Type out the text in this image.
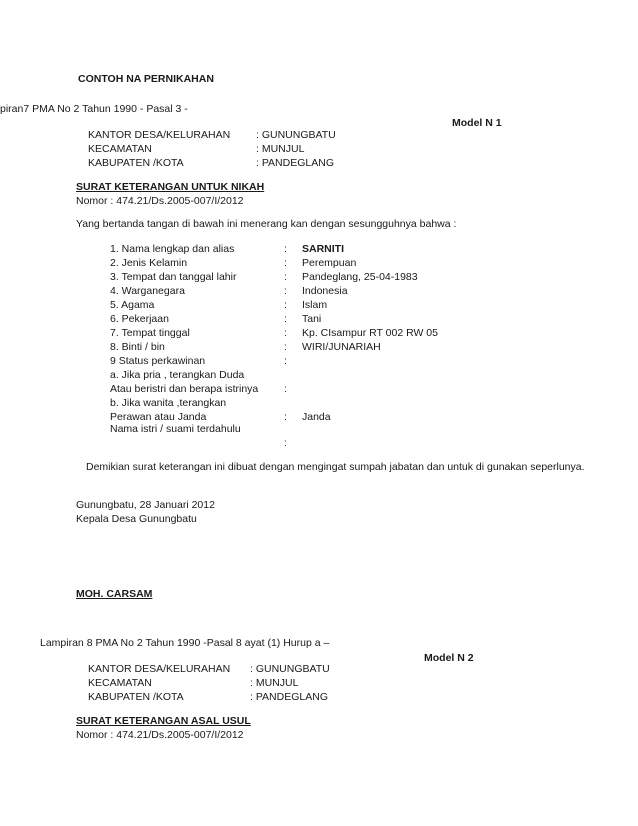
CONTOH NA PERNIKAHAN
piran7 PMA No 2 Tahun 1990 - Pasal 3 -
Model N 1
KANTOR DESA/KELURAHAN : GUNUNGBATU
KECAMATAN	: MUNJUL
KABUPATEN /KOTA	: PANDEGLANG
SURAT KETERANGAN UNTUK NIKAH
Nomor : 474.21/Ds.2005-007/I/2012
Yang bertanda tangan di bawah ini menerang kan dengan sesungguhnya bahwa :
1. Nama lengkap dan alias	: SARNITI
2. Jenis Kelamin	: Perempuan
3. Tempat dan tanggal lahir	: Pandeglang, 25-04-1983
4. Warganegara	: Indonesia
5. Agama	: Islam
6. Pekerjaan	: Tani
7. Tempat tinggal	: Kp. CIsampur RT 002 RW 05
8. Binti / bin	: WIRI/JUNARIAH
9 Status perkawinan	:
a. Jika pria , terangkan Duda
Atau beristri dan berapa istrinya :
b. Jika wanita ,terangkan
Perawan atau Janda	: Janda
Nama istri / suami terdahulu
:
Demikian surat keterangan ini dibuat dengan mengingat sumpah jabatan dan untuk di gunakan seperlunya.
Gunungbatu, 28 Januari 2012
Kepala Desa Gunungbatu
MOH. CARSAM
Lampiran 8 PMA No 2 Tahun 1990 -Pasal 8 ayat (1) Hurup a –
Model N 2
KANTOR DESA/KELURAHAN : GUNUNGBATU
KECAMATAN	: MUNJUL
KABUPATEN /KOTA	: PANDEGLANG
SURAT KETERANGAN ASAL USUL
Nomor : 474.21/Ds.2005-007/I/2012
